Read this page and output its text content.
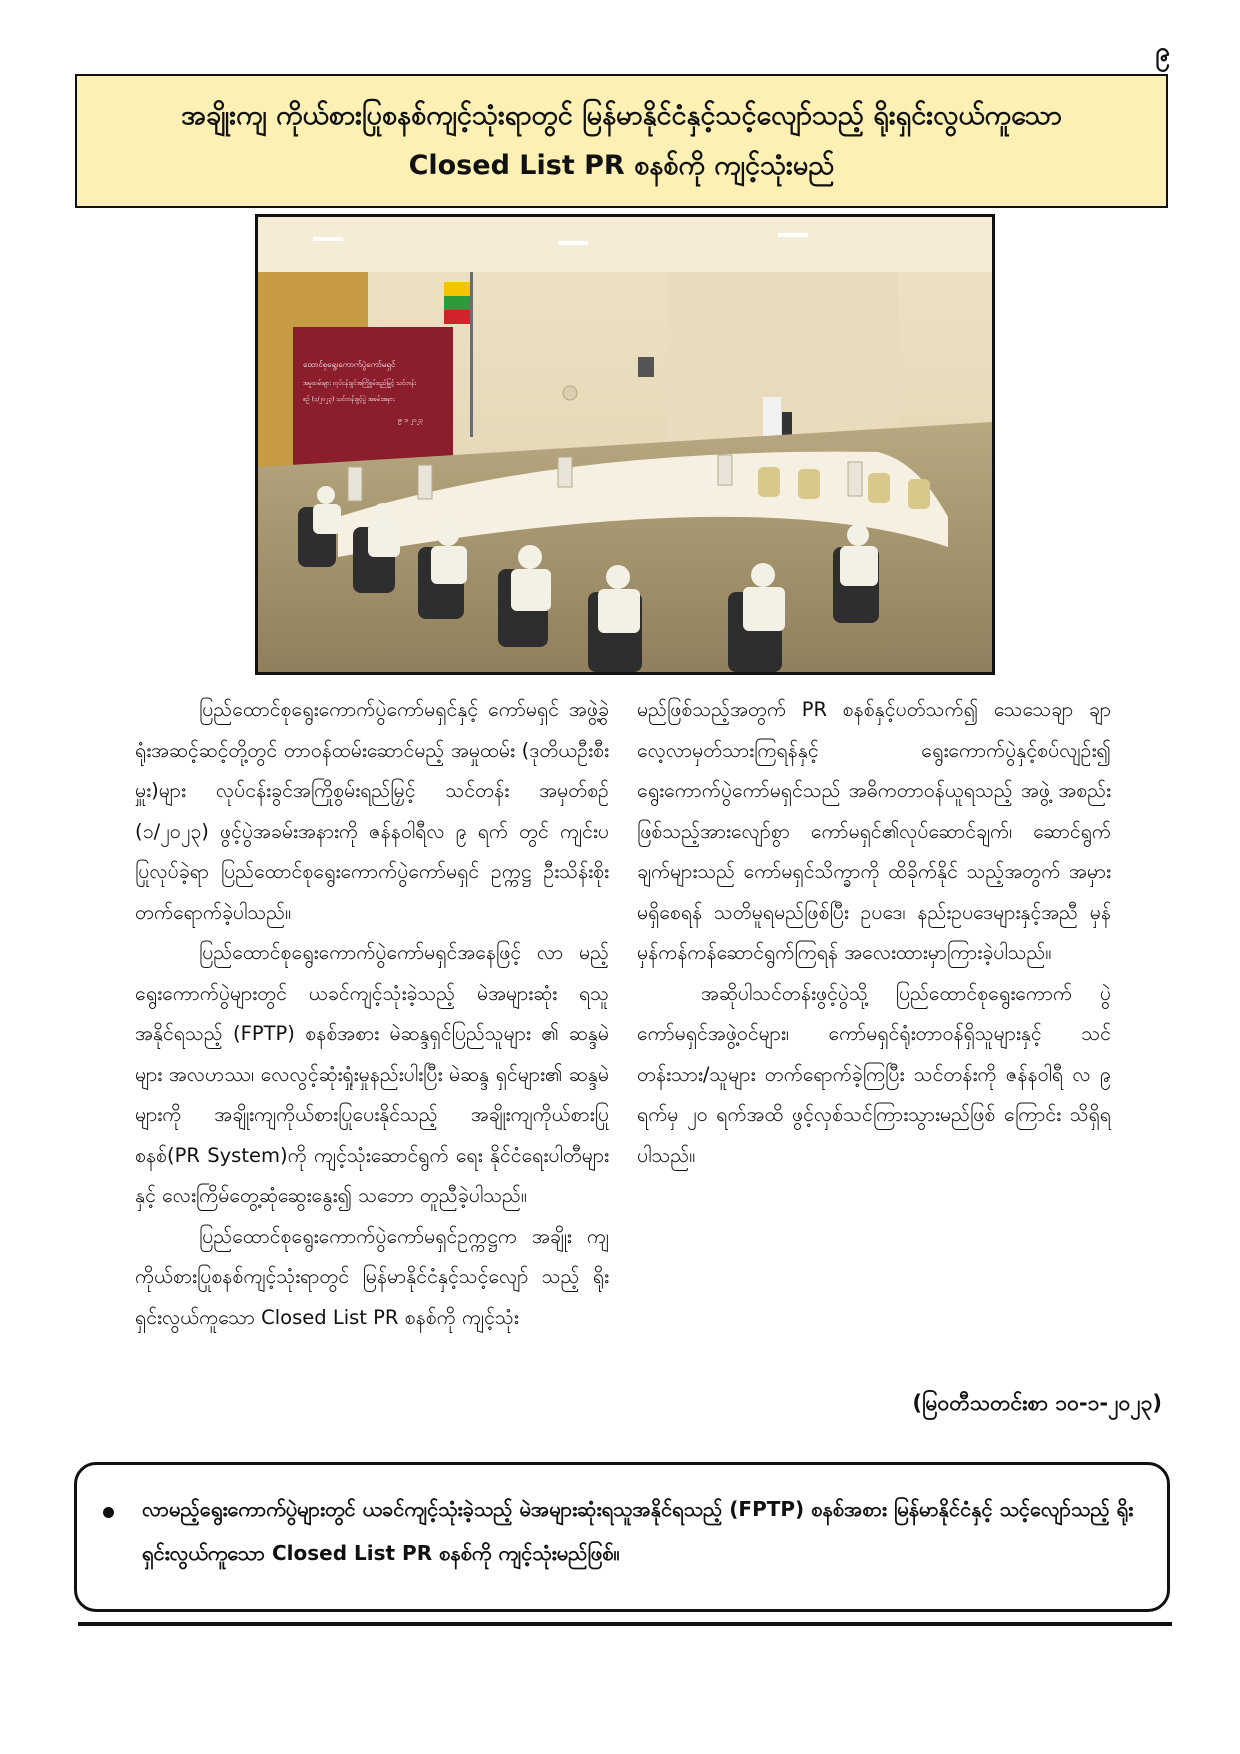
၉
အချိုးကျ ကိုယ်စားပြုစနစ်ကျင့်သုံးရာတွင် မြန်မာနိုင်ငံနှင့်သင့်လျော်သည့် ရိုးရှင်းလွယ်ကူသော
Closed List PR စနစ်ကို ကျင့်သုံးမည်
ထောင်စုရွေးကောက်ပွဲကော်မရှင်
အမှုထမ်းများ လုပ်ငန်းခွင်အကြိုစွမ်းရည်မြှင့် သင်တန်း
စဉ် (၁/၂၀၂၃) သင်တန်းဖွင့်ပွဲ အခမ်းအနား
၉၊ ၁၊ ၂၀၂၃

ပြည်ထောင်စုရွေးကောက်ပွဲကော်မရှင်နှင့် ကော်မရှင် အဖွဲ့ခွဲရုံးအဆင့်ဆင့်တို့တွင် တာဝန်ထမ်းဆောင်မည့် အမှုထမ်း (ဒုတိယဦးစီးမှူး)များ လုပ်ငန်းခွင်အကြိုစွမ်းရည်မြှင့် သင်တန်း အမှတ်စဉ် (၁/၂၀၂၃) ဖွင့်ပွဲအခမ်းအနားကို ဇန်နဝါရီလ ၉ ရက် တွင် ကျင်းပပြုလုပ်ခဲ့ရာ ပြည်ထောင်စုရွေးကောက်ပွဲကော်မရှင် ဥက္ကဋ္ဌ ဦးသိန်းစိုး တက်ရောက်ခဲ့ပါသည်။

ပြည်ထောင်စုရွေးကောက်ပွဲကော်မရှင်အနေဖြင့် လာ မည့်ရွေးကောက်ပွဲများတွင် ယခင်ကျင့်သုံးခဲ့သည့် မဲအများဆုံး ရသူအနိုင်ရသည့် (FPTP) စနစ်အစား မဲဆန္ဒရှင်ပြည်သူများ ၏ ဆန္ဒမဲများ အလဟဿ၊ လေလွင့်ဆုံးရှုံးမှုနည်းပါးပြီး မဲဆန္ဒ ရှင်များ၏ ဆန္ဒမဲများကို အချိုးကျကိုယ်စားပြုပေးနိုင်သည့် အချိုးကျကိုယ်စားပြုစနစ်(PR System)ကို ကျင့်သုံးဆောင်ရွက် ရေး နိုင်ငံရေးပါတီများနှင့် လေးကြိမ်တွေ့ဆုံဆွေးနွေး၍ သဘော တူညီခဲ့ပါသည်။

ပြည်ထောင်စုရွေးကောက်ပွဲကော်မရှင်ဥက္ကဋ္ဌက အချိုး ကျကိုယ်စားပြုစနစ်ကျင့်သုံးရာတွင် မြန်မာနိုင်ငံနှင့်သင့်လျော် သည့် ရိုးရှင်းလွယ်ကူသော Closed List PR စနစ်ကို ကျင့်သုံး

မည်ဖြစ်သည့်အတွက် PR စနစ်နှင့်ပတ်သက်၍ သေသေချာ ချာ လေ့လာမှတ်သားကြရန်နှင့် ရွေးကောက်ပွဲနှင့်စပ်လျဉ်း၍ ရွေးကောက်ပွဲကော်မရှင်သည် အဓိကတာဝန်ယူရသည့် အဖွဲ့ အစည်းဖြစ်သည့်အားလျော်စွာ ကော်မရှင်၏လုပ်ဆောင်ချက်၊ ဆောင်ရွက်ချက်များသည် ကော်မရှင်သိက္ခာကို ထိခိုက်နိုင် သည့်အတွက် အမှားမရှိစေရန် သတိမူရမည်ဖြစ်ပြီး ဥပဒေ၊ နည်းဥပဒေများနှင့်အညီ မှန်မှန်ကန်ကန်ဆောင်ရွက်ကြရန် အလေးထားမှာကြားခဲ့ပါသည်။

အဆိုပါသင်တန်းဖွင့်ပွဲသို့ ပြည်ထောင်စုရွေးကောက် ပွဲကော်မရှင်အဖွဲ့ဝင်များ၊ ကော်မရှင်ရုံးတာဝန်ရှိသူများနှင့် သင် တန်းသား/သူများ တက်ရောက်ခဲ့ကြပြီး သင်တန်းကို ဇန်နဝါရီ လ ၉ ရက်မှ ၂၀ ရက်အထိ ဖွင့်လှစ်သင်ကြားသွားမည်ဖြစ် ကြောင်း သိရှိရပါသည်။

(မြဝတီသတင်းစာ ၁၀-၁-၂၀၂၃)
လာမည့်ရွေးကောက်ပွဲများတွင် ယခင်ကျင့်သုံးခဲ့သည့် မဲအများဆုံးရသူအနိုင်ရသည့် (FPTP) စနစ်အစား မြန်မာနိုင်ငံနှင့် သင့်လျော်သည့် ရိုးရှင်းလွယ်ကူသော Closed List PR စနစ်ကို ကျင့်သုံးမည်ဖြစ်။
